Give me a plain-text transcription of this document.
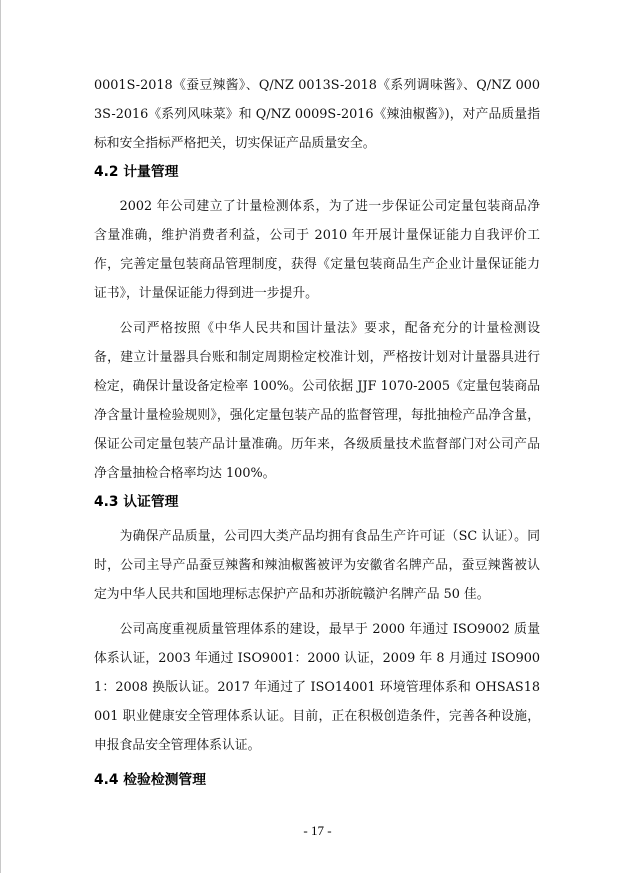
0001S-2018《蚕豆辣酱》、Q/NZ 0013S-2018《系列调味酱》、Q/NZ 0003S-2016《系列风味菜》和 Q/NZ 0009S-2016《辣油椒酱》)，对产品质量指标和安全指标严格把关，切实保证产品质量安全。

4.2 计量管理

2002 年公司建立了计量检测体系，为了进一步保证公司定量包装商品净含量准确，维护消费者利益，公司于 2010 年开展计量保证能力自我评价工作，完善定量包装商品管理制度，获得《定量包装商品生产企业计量保证能力证书》，计量保证能力得到进一步提升。

公司严格按照《中华人民共和国计量法》要求，配备充分的计量检测设备，建立计量器具台账和制定周期检定校准计划，严格按计划对计量器具进行检定，确保计量设备定检率 100%。公司依据 JJF 1070-2005《定量包装商品净含量计量检验规则》，强化定量包装产品的监督管理，每批抽检产品净含量，保证公司定量包装产品计量准确。历年来，各级质量技术监督部门对公司产品净含量抽检合格率均达 100%。

4.3 认证管理

为确保产品质量，公司四大类产品均拥有食品生产许可证（SC 认证）。同时，公司主导产品蚕豆辣酱和辣油椒酱被评为安徽省名牌产品，蚕豆辣酱被认定为中华人民共和国地理标志保护产品和苏浙皖赣沪名牌产品 50 佳。

公司高度重视质量管理体系的建设，最早于 2000 年通过 ISO9002 质量体系认证，2003 年通过 ISO9001：2000 认证，2009 年 8 月通过 ISO9001：2008 换版认证。2017 年通过了 ISO14001 环境管理体系和 OHSAS18001 职业健康安全管理体系认证。目前，正在积极创造条件，完善各种设施，申报食品安全管理体系认证。

4.4 检验检测管理
- 17 -
